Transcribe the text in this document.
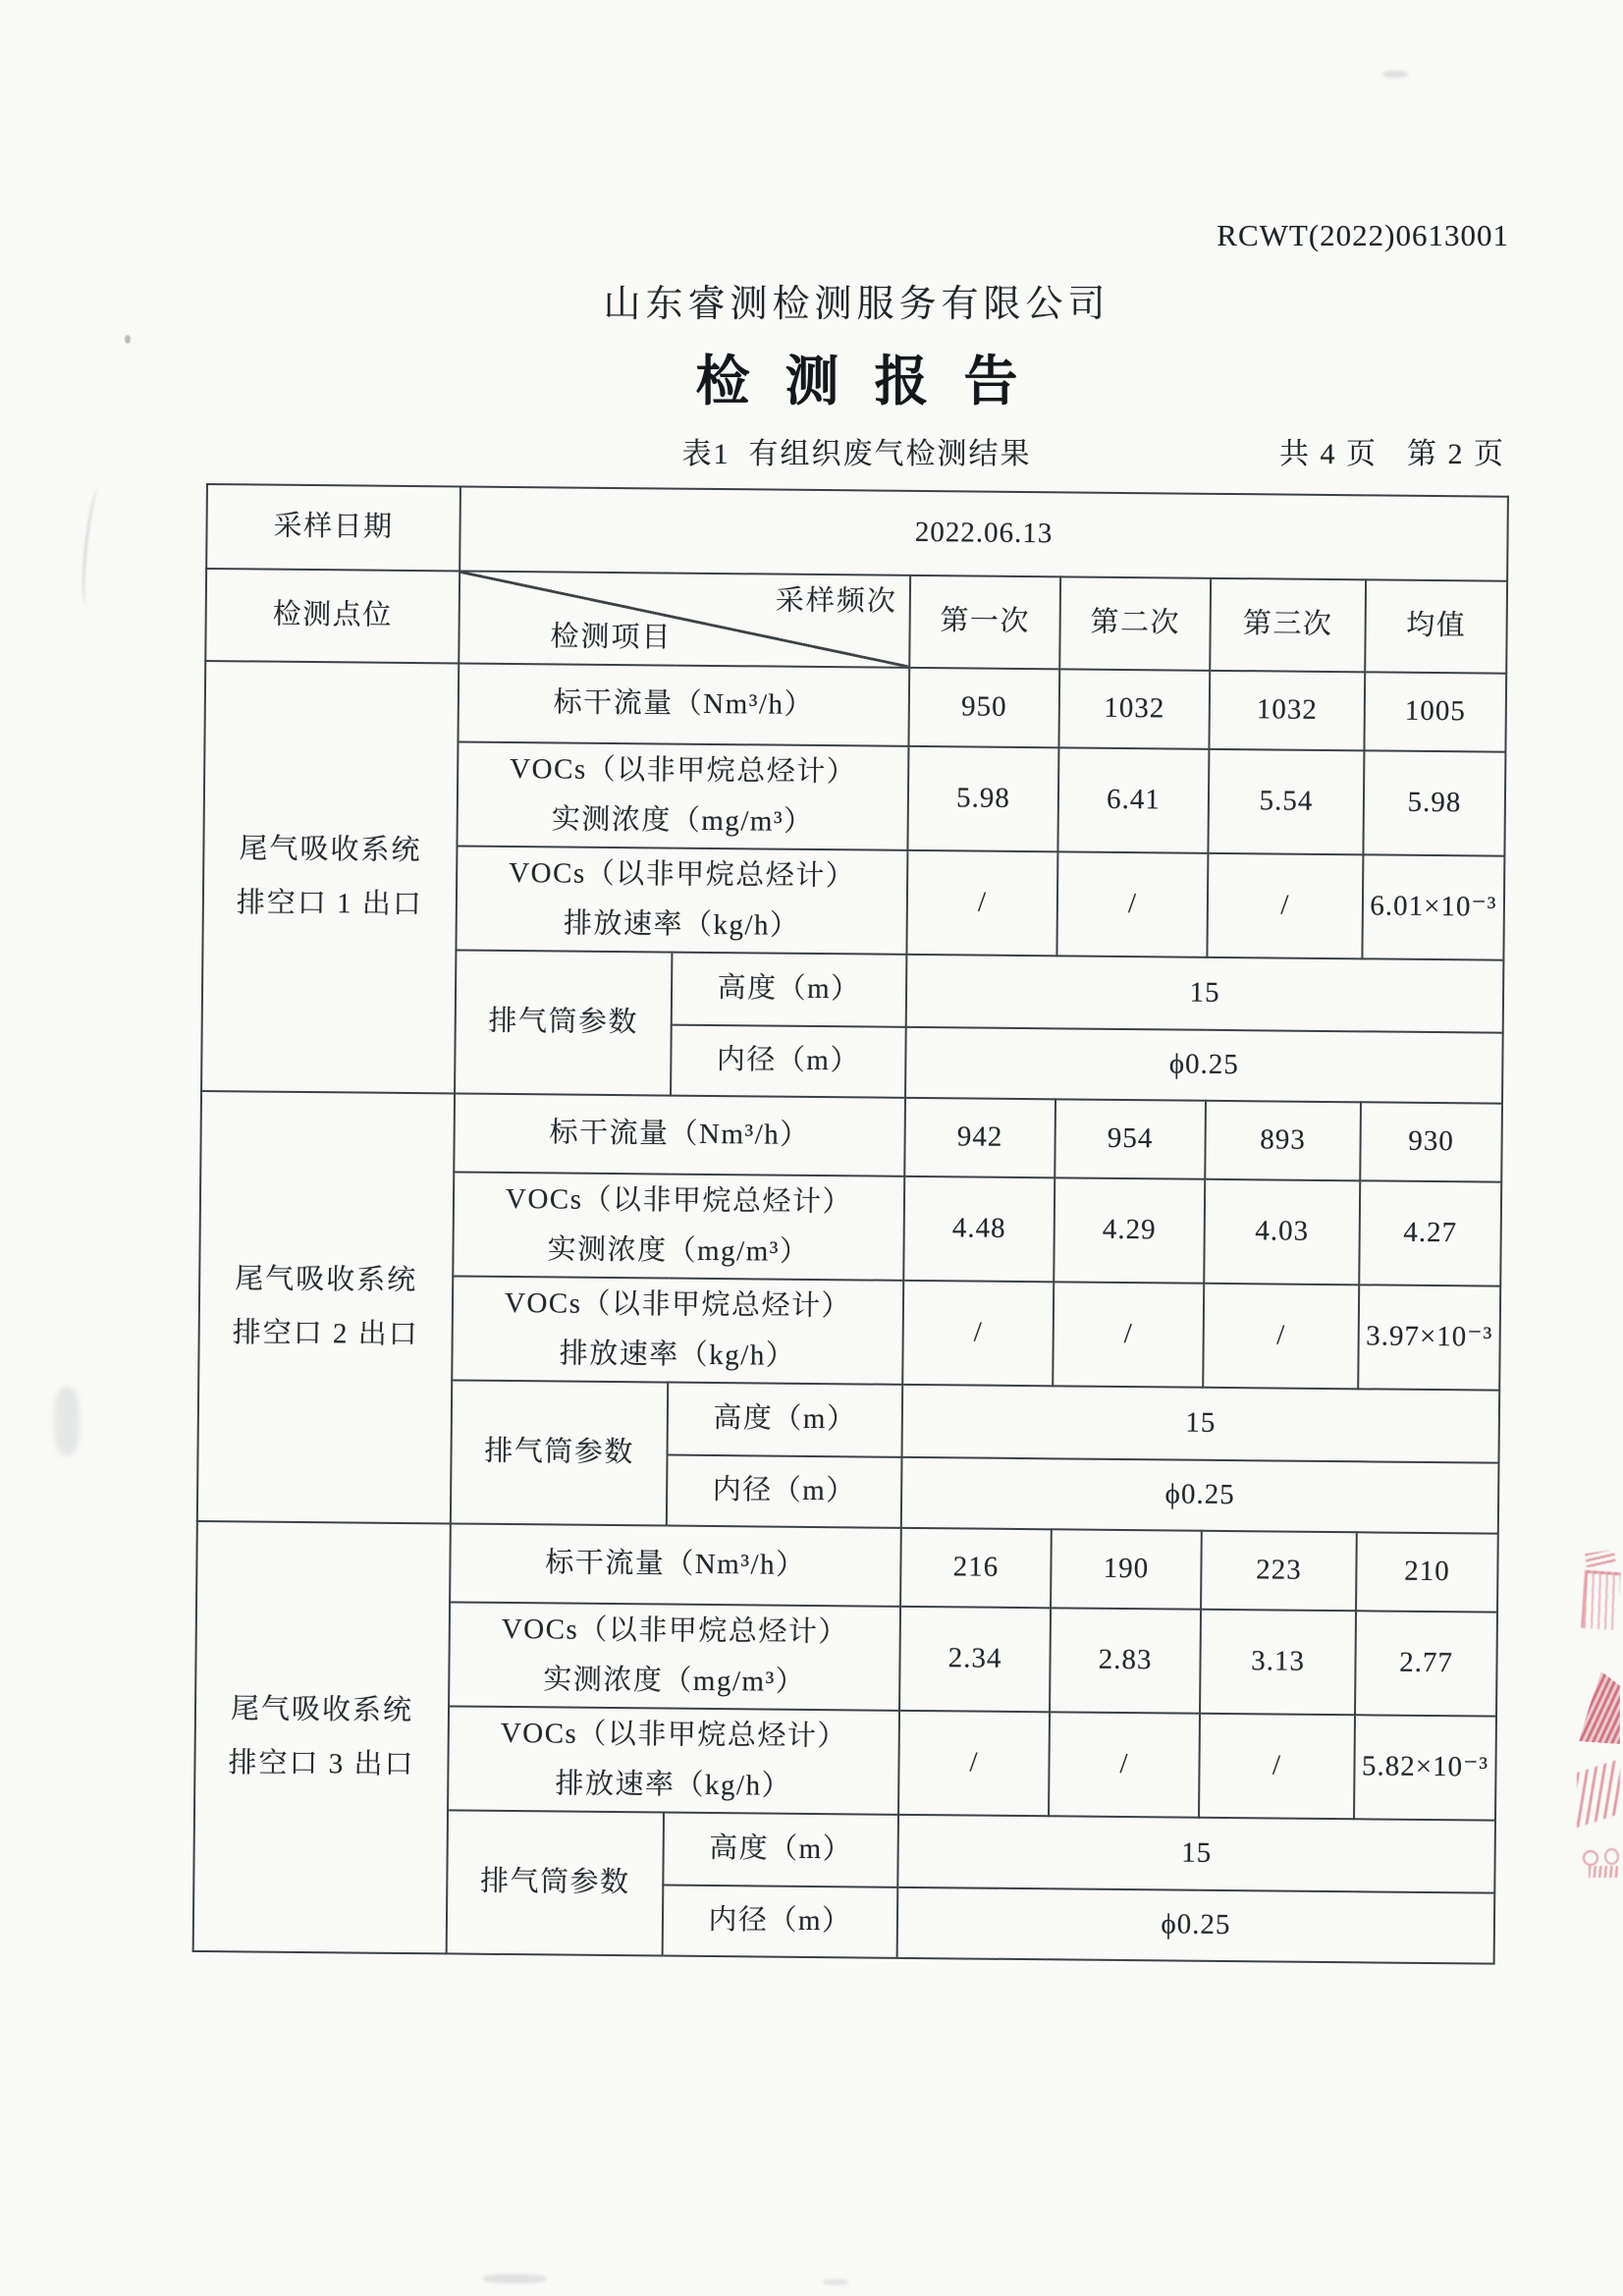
RCWT(2022)0613001
山东睿测检测服务有限公司
检测报告
表1  有组织废气检测结果	共 4 页 第 2 页
采样日期	2022.06.13					
检测点位	采样频次
检测项目		第一次	第二次	第三次	均值

尾气吸收系统
排空口 1 出口	标干流量（Nm³/h）		950	1032	1032	1005

	VOCs（以非甲烷总烃计）
实测浓度（mg/m³）		5.98	6.41	5.54	5.98

	VOCs（以非甲烷总烃计）
排放速率（kg/h）		/	/	/	6.01×10⁻³
	排气筒参数	高度（m）	15			
		内径（m）	ϕ0.25			

尾气吸收系统
排空口 2 出口	标干流量（Nm³/h）		942	954	893	930

	VOCs（以非甲烷总烃计）
实测浓度（mg/m³）		4.48	4.29	4.03	4.27

	VOCs（以非甲烷总烃计）
排放速率（kg/h）		/	/	/	3.97×10⁻³
	排气筒参数	高度（m）	15			
		内径（m）	ϕ0.25			

尾气吸收系统
排空口 3 出口	标干流量（Nm³/h）		216	190	223	210

	VOCs（以非甲烷总烃计）
实测浓度（mg/m³）		2.34	2.83	3.13	2.77

	VOCs（以非甲烷总烃计）
排放速率（kg/h）		/	/	/	5.82×10⁻³
	排气筒参数	高度（m）	15			
		内径（m）	ϕ0.25			
